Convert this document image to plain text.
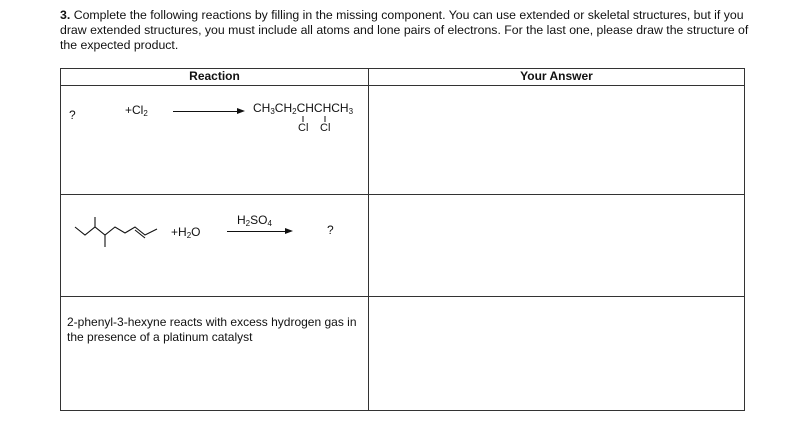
3. Complete the following reactions by filling in the missing component. You can use extended or skeletal structures, but if you draw extended structures, you must include all atoms and lone pairs of electrons. For the last one, please draw the structure of the expected product.
Reaction	Your Answer

? $+Cl_2$ $CH_3CH_2CHCHCH_3$
Cl Cl	

$+H_2O$
$H_2SO_4$ ?	

2-phenyl-3-hexyne reacts with excess hydrogen gas in the presence of a platinum catalyst	
